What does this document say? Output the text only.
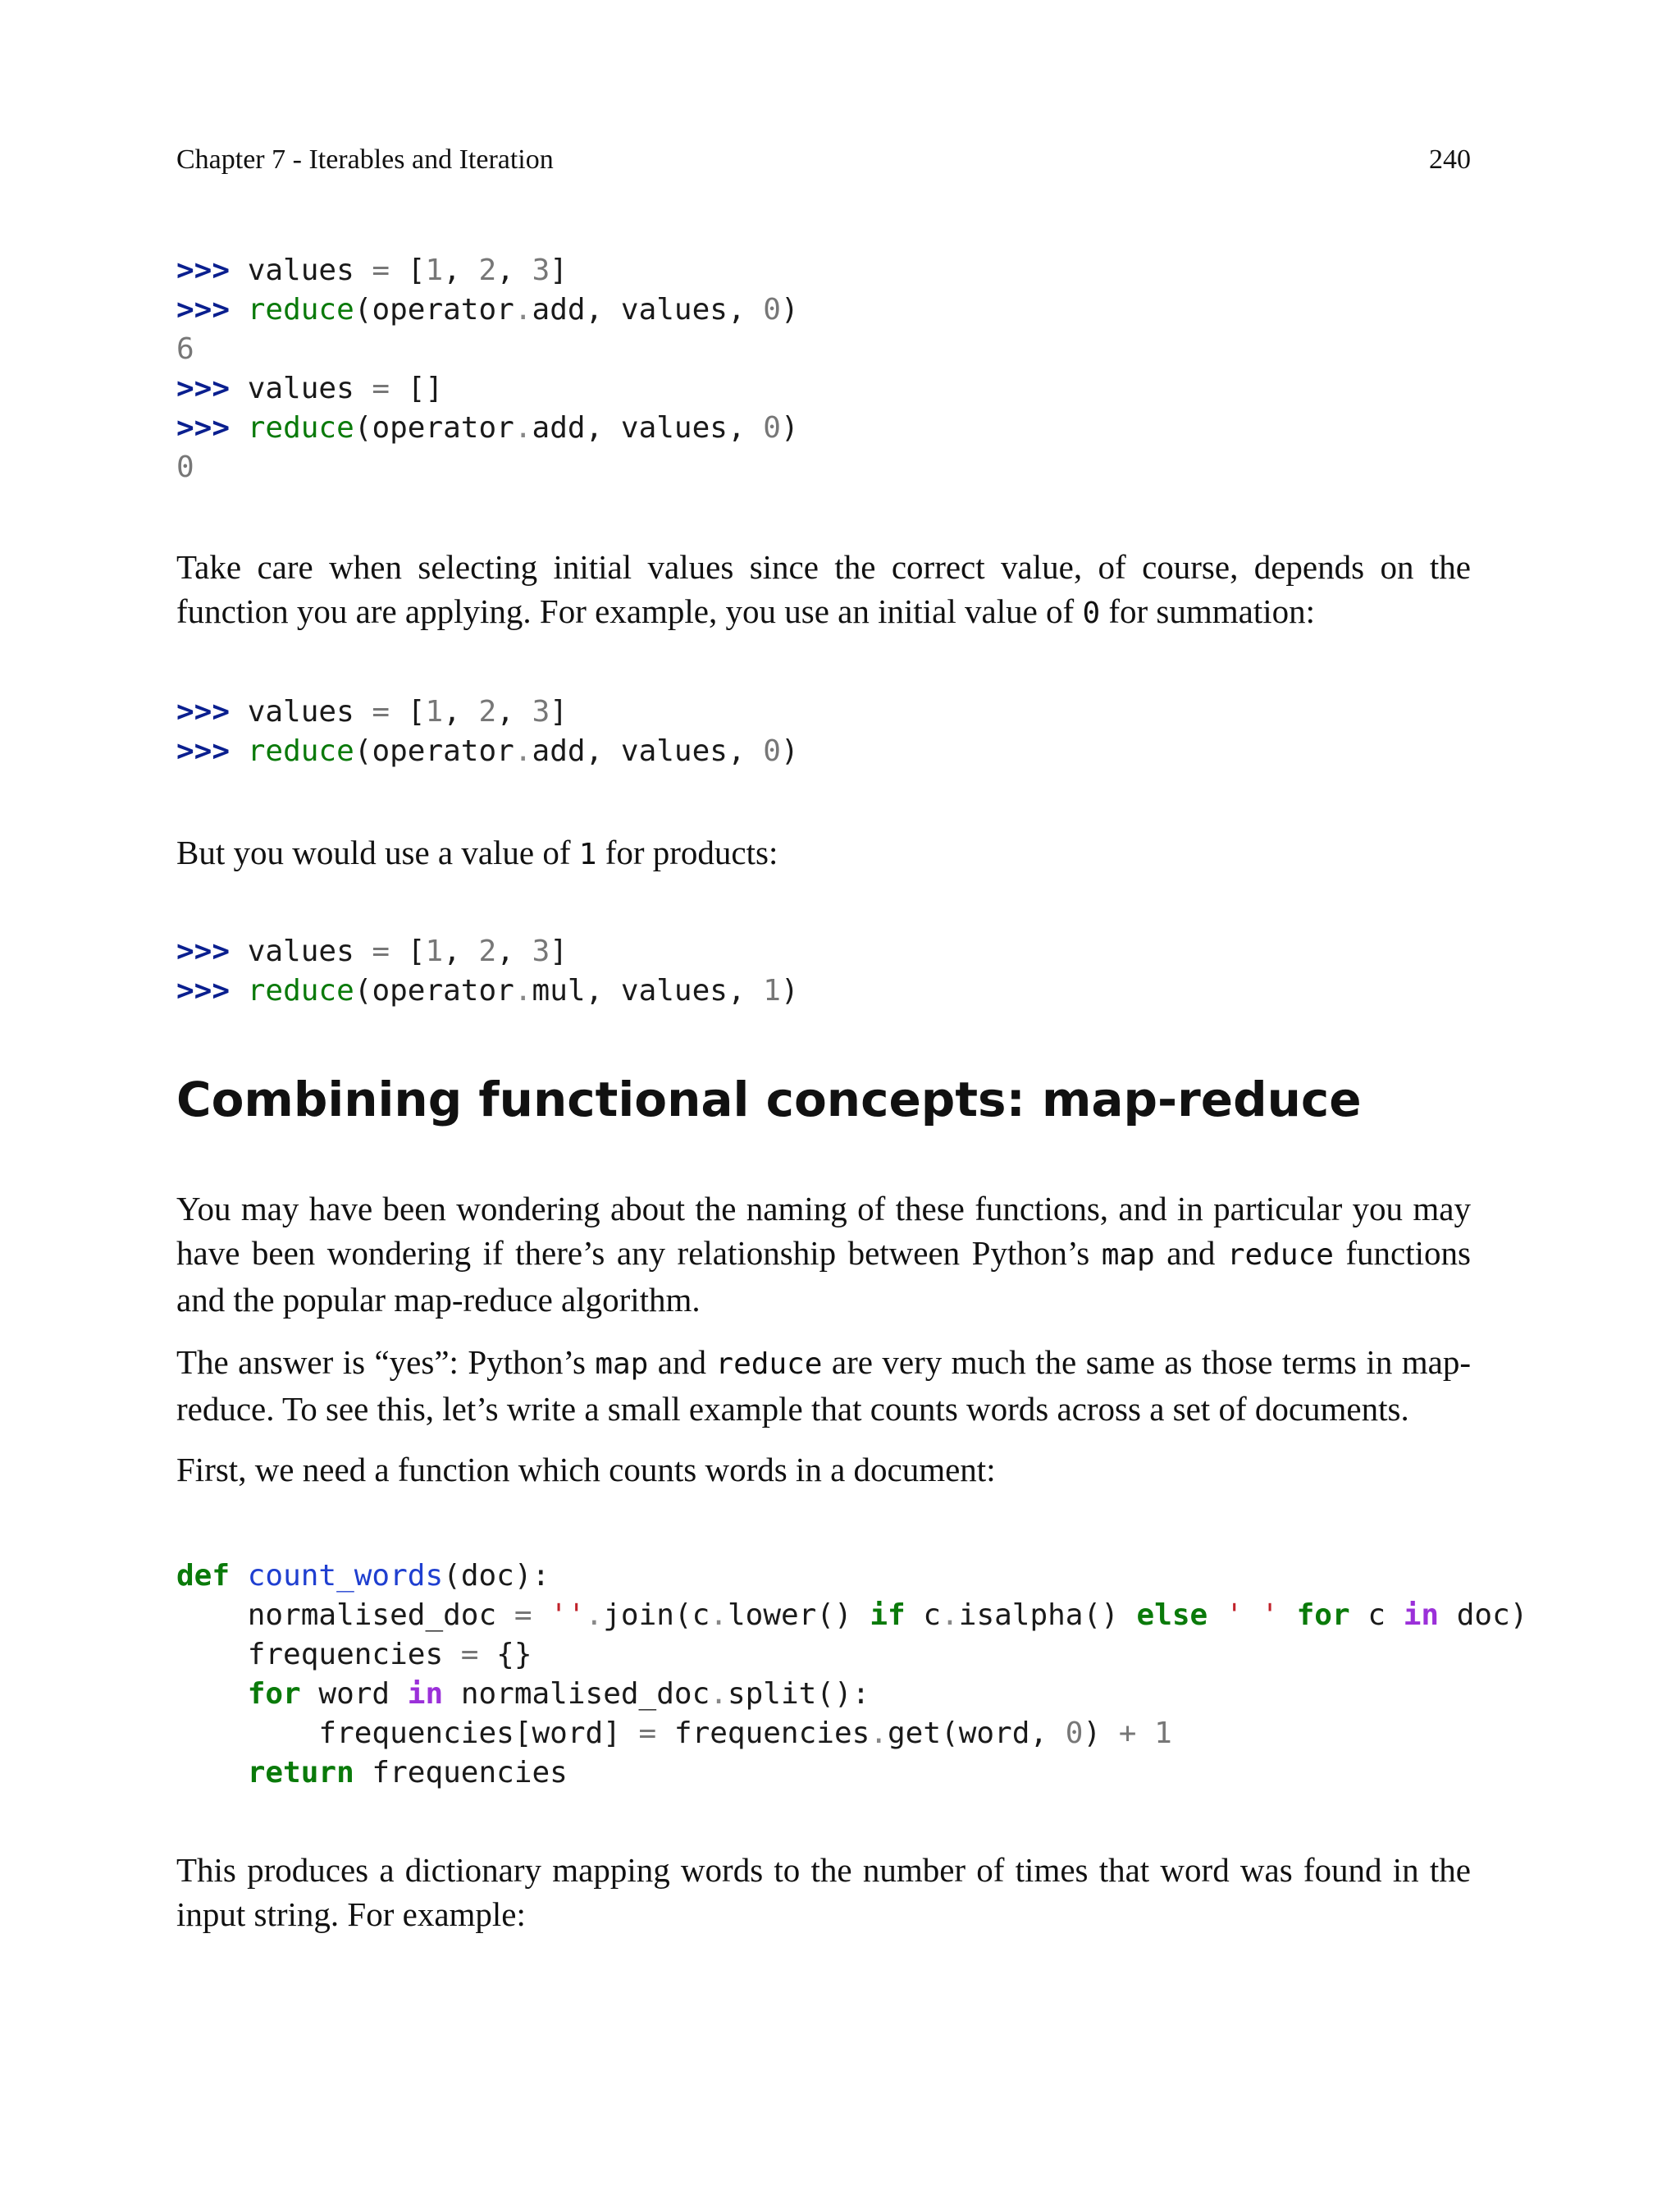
Chapter 7 - Iterables and Iteration	240
>>> values = [1, 2, 3]
>>> reduce(operator.add, values, 0)
6
>>> values = []
>>> reduce(operator.add, values, 0)
0

Take care when selecting initial values since the correct value, of course, depends on the function you are applying. For example, you use an initial value of 0 for summation:

>>> values = [1, 2, 3]
>>> reduce(operator.add, values, 0)

But you would use a value of 1 for products:

>>> values = [1, 2, 3]
>>> reduce(operator.mul, values, 1)
Combining functional concepts: map-reduce

You may have been wondering about the naming of these functions, and in particular you may have been wondering if there’s any relationship between Python’s map and reduce functions and the popular map-reduce algorithm.

The answer is “yes”: Python’s map and reduce are very much the same as those terms in map-reduce. To see this, let’s write a small example that counts words across a set of documents.

First, we need a function which counts words in a document:

def count_words(doc):
normalised_doc = ''.join(c.lower() if c.isalpha() else ' ' for c in doc)
frequencies = {}
for word in normalised_doc.split():
frequencies[word] = frequencies.get(word, 0) + 1
return frequencies

This produces a dictionary mapping words to the number of times that word was found in the input string. For example:
